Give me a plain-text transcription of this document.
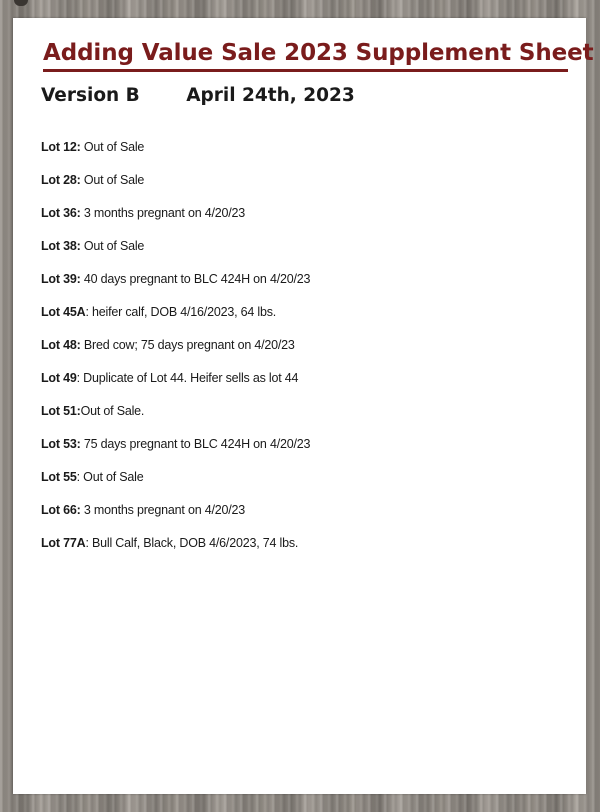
Adding Value Sale 2023 Supplement Sheet
Version B	April 24th, 2023
Lot 12: Out of Sale
Lot 28: Out of Sale
Lot 36: 3 months pregnant on 4/20/23
Lot 38: Out of Sale
Lot 39: 40 days pregnant to BLC 424H on 4/20/23
Lot 45A: heifer calf, DOB 4/16/2023, 64 lbs.
Lot 48: Bred cow; 75 days pregnant on 4/20/23
Lot 49: Duplicate of Lot 44. Heifer sells as lot 44
Lot 51:Out of Sale.
Lot 53: 75 days pregnant to BLC 424H on 4/20/23
Lot 55: Out of Sale
Lot 66: 3 months pregnant on 4/20/23
Lot 77A: Bull Calf, Black, DOB 4/6/2023, 74 lbs.
